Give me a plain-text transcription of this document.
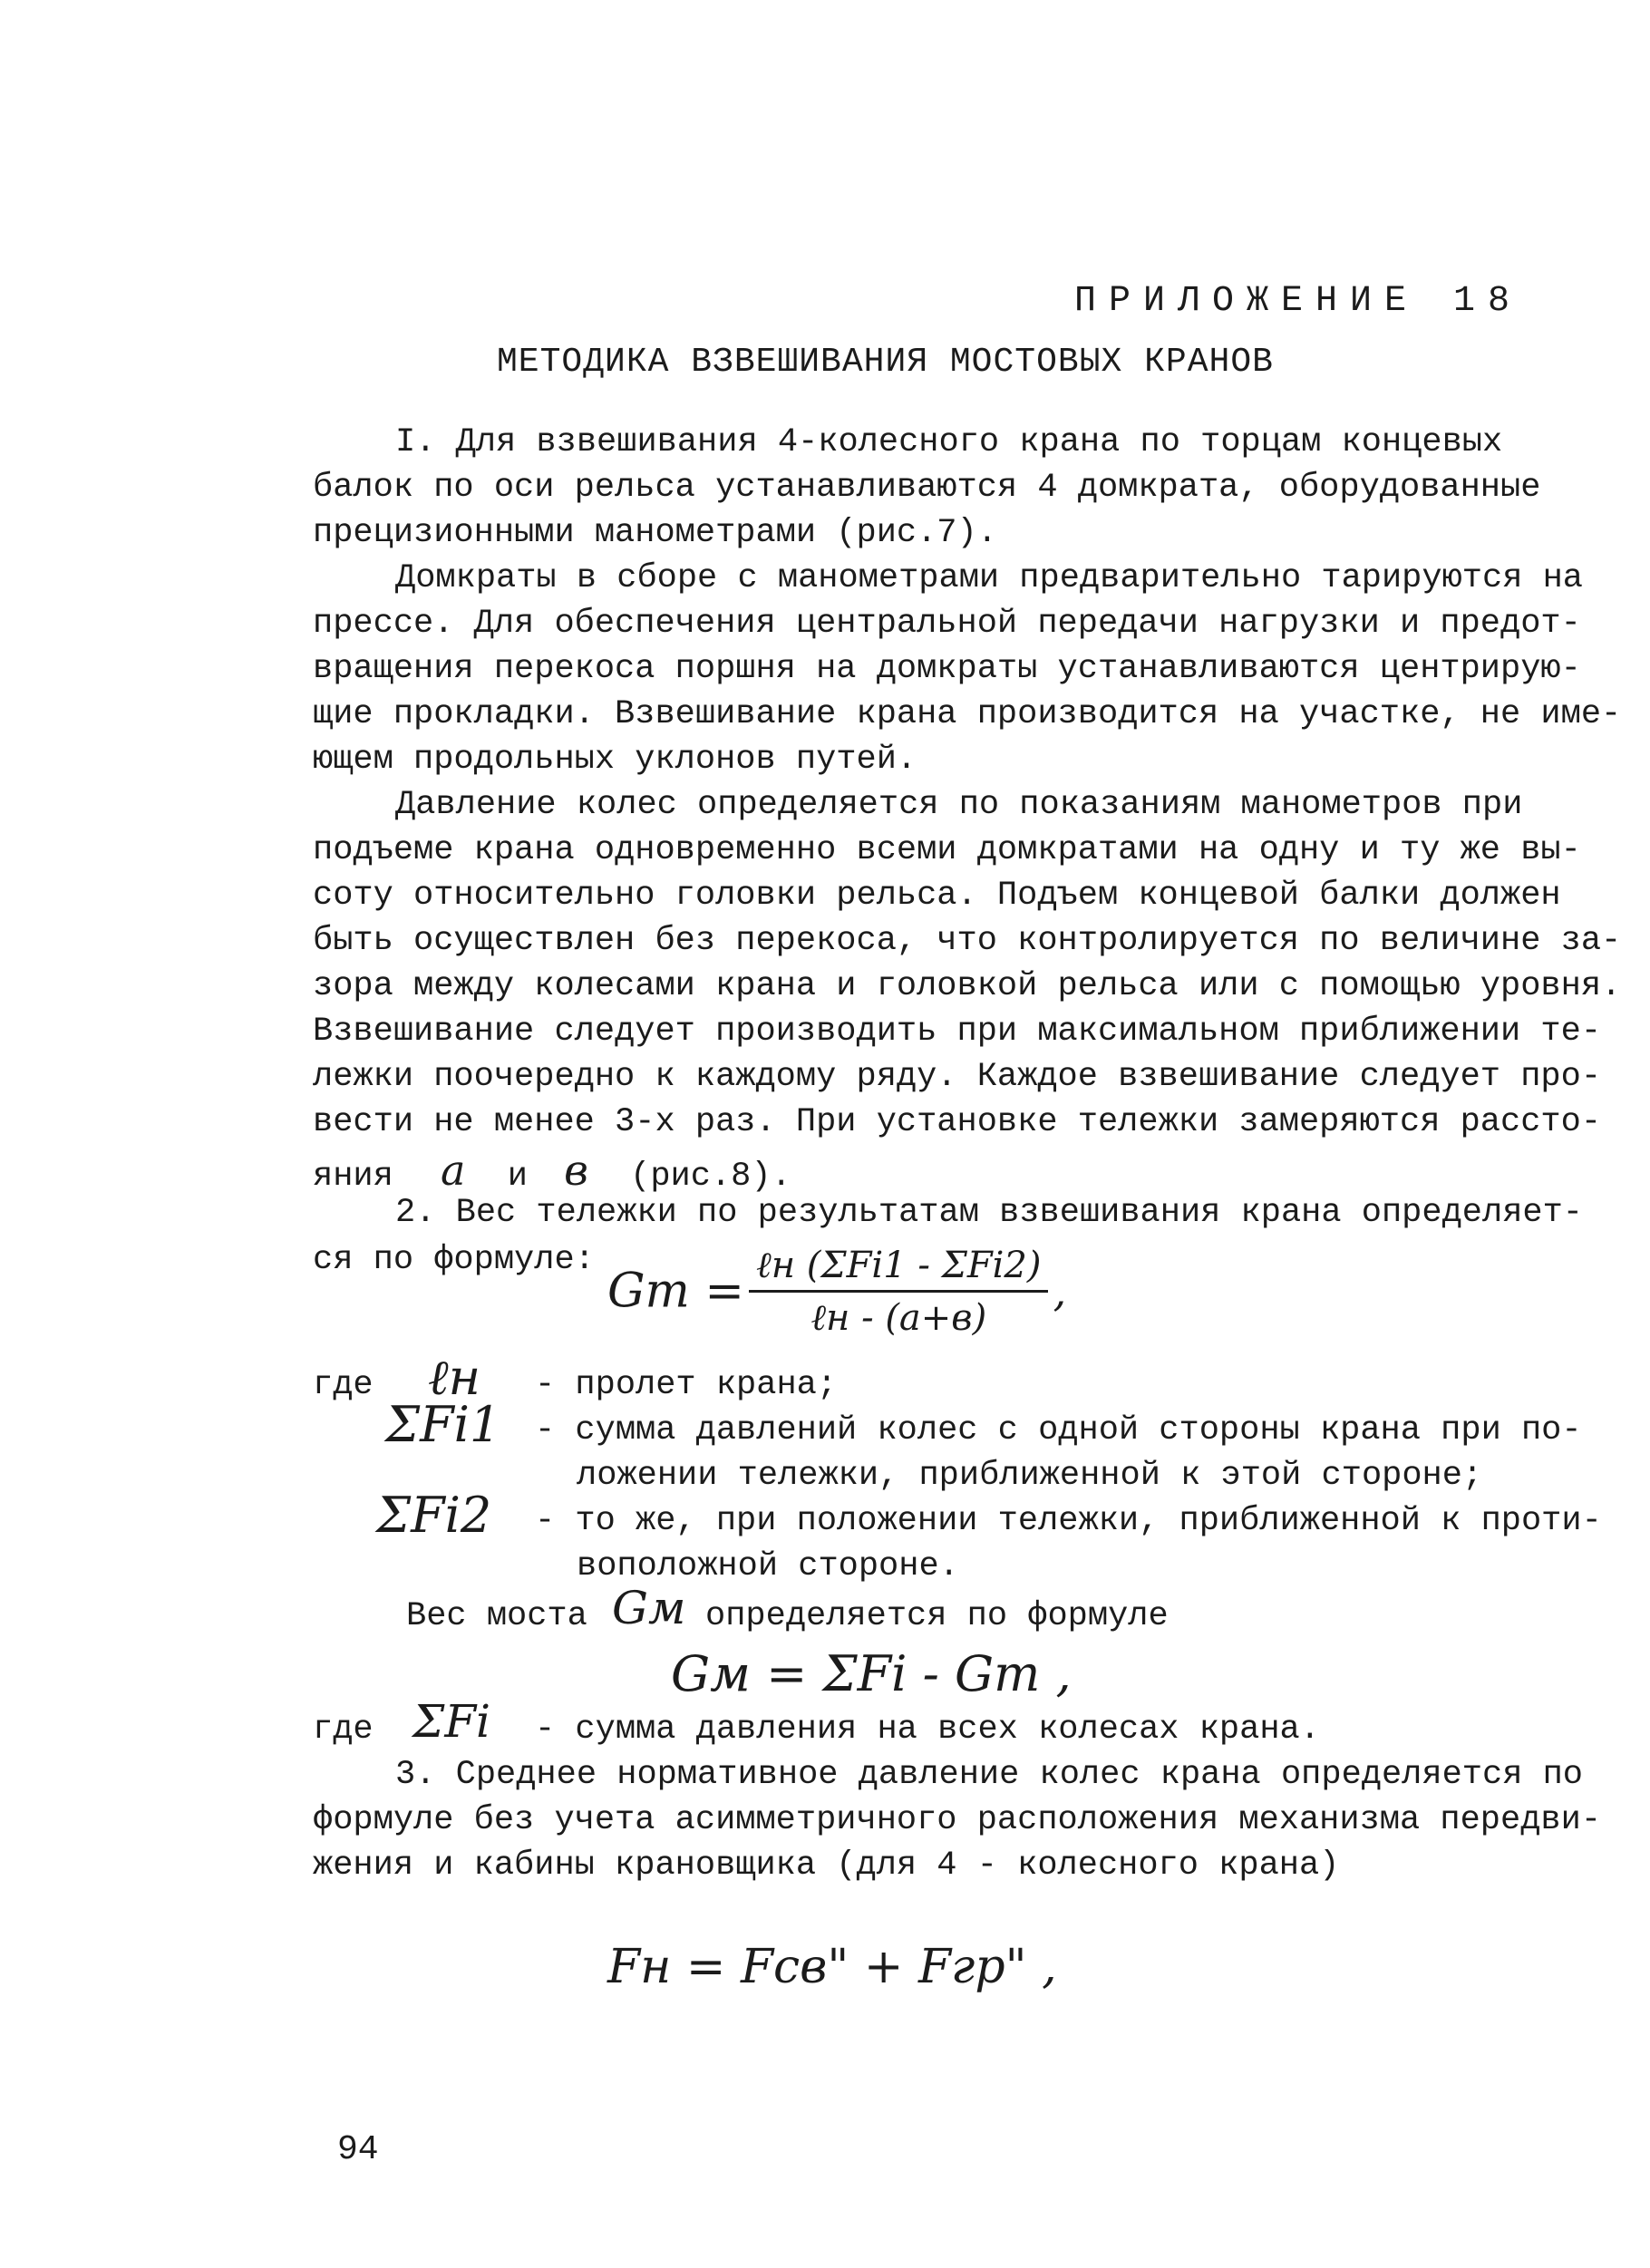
ПРИЛОЖЕНИЕ 18
МЕТОДИКА ВЗВЕШИВАНИЯ МОСТОВЫХ КРАНОВ
I. Для взвешивания 4-колесного крана по торцам концевых
балок по оси рельса устанавливаются 4 домкрата, оборудованные
прецизионными манометрами (рис.7).
Домкраты в сборе с манометрами предварительно тарируются на
прессе. Для обеспечения центральной передачи нагрузки и предот-
вращения перекоса поршня на домкраты устанавливаются центрирую-
щие прокладки. Взвешивание крана производится на участке, не име-
ющем продольных уклонов путей.
Давление колес определяется по показаниям манометров при
подъеме крана одновременно всеми домкратами на одну и ту же вы-
соту относительно головки рельса. Подъем концевой балки должен
быть осуществлен без перекоса, что контролируется по величине за-
зора между колесами крана и головкой рельса или с помощью уровня.
Взвешивание следует производить при максимальном приближении те-
лежки поочередно к каждому ряду. Каждое взвешивание следует про-
вести не менее 3-х раз. При установке тележки замеряются рассто-
яния a и в (рис.8).
2. Вес тележки по результатам взвешивания крана определяет-
ся по формуле:
Gт = $\frac{\text{ℓн (ΣFi1 - ΣFi2)}}{\text{ℓн - (a+в)}}$ ,
где ℓн - пролет крана;
ΣFi1 - сумма давлений колес с одной стороны крана при по-
ложении тележки, приближенной к этой стороне;
ΣFi2 - то же, при положении тележки, приближенной к проти-
воположной стороне.
Вес моста Gм определяется по формуле
Gм = ΣFi - Gт ,
где ΣFi - сумма давления на всех колесах крана.
3. Среднее нормативное давление колес крана определяется по
формуле без учета асимметричного расположения механизма передви-
жения и кабины крановщика (для 4 - колесного крана)
Fн = Fсв" + Fгр" ,
94
